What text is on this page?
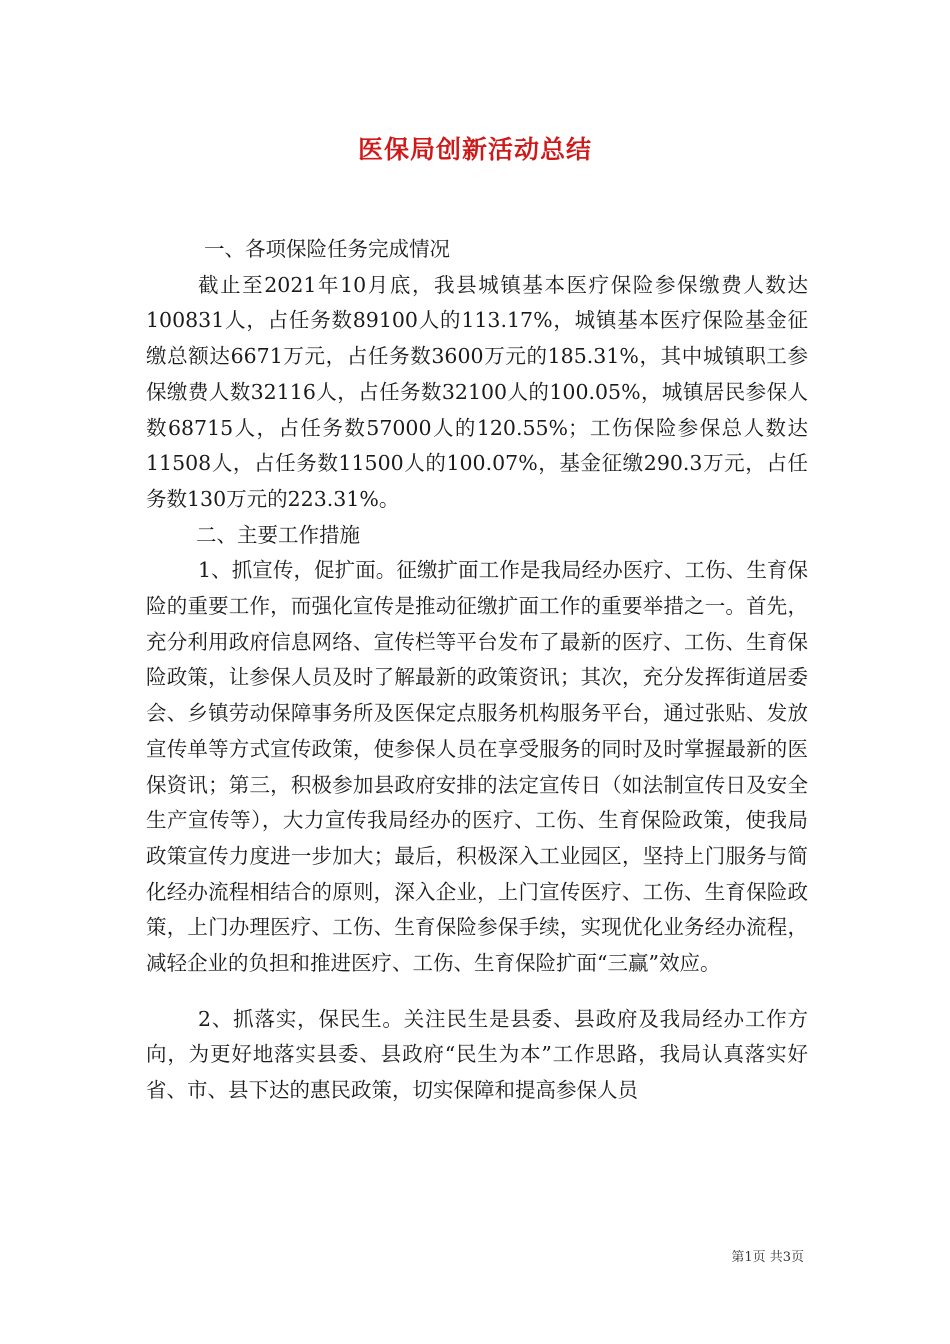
医保局创新活动总结

一、各项保险任务完成情况

截止至2021年10月底，我县城镇基本医疗保险参保缴费人数达100831人，占任务数89100人的113.17%，城镇基本医疗保险基金征缴总额达6671万元，占任务数3600万元的185.31%，其中城镇职工参保缴费人数32116人，占任务数32100人的100.05%，城镇居民参保人数68715人，占任务数57000人的120.55%；工伤保险参保总人数达11508人，占任务数11500人的100.07%，基金征缴290.3万元，占任务数130万元的223.31%。

二、主要工作措施

1、抓宣传，促扩面。征缴扩面工作是我局经办医疗、工伤、生育保险的重要工作，而强化宣传是推动征缴扩面工作的重要举措之一。首先，充分利用政府信息网络、宣传栏等平台发布了最新的医疗、工伤、生育保险政策，让参保人员及时了解最新的政策资讯；其次，充分发挥街道居委会、乡镇劳动保障事务所及医保定点服务机构服务平台，通过张贴、发放宣传单等方式宣传政策，使参保人员在享受服务的同时及时掌握最新的医保资讯；第三，积极参加县政府安排的法定宣传日（如法制宣传日及安全生产宣传等），大力宣传我局经办的医疗、工伤、生育保险政策，使我局政策宣传力度进一步加大；最后，积极深入工业园区，坚持上门服务与简化经办流程相结合的原则，深入企业，上门宣传医疗、工伤、生育保险政策，上门办理医疗、工伤、生育保险参保手续，实现优化业务经办流程，减轻企业的负担和推进医疗、工伤、生育保险扩面“三赢”效应。

2、抓落实，保民生。关注民生是县委、县政府及我局经办工作方向，为更好地落实县委、县政府“民生为本”工作思路，我局认真落实好省、市、县下达的惠民政策，切实保障和提高参保人员

第1页 共3页
